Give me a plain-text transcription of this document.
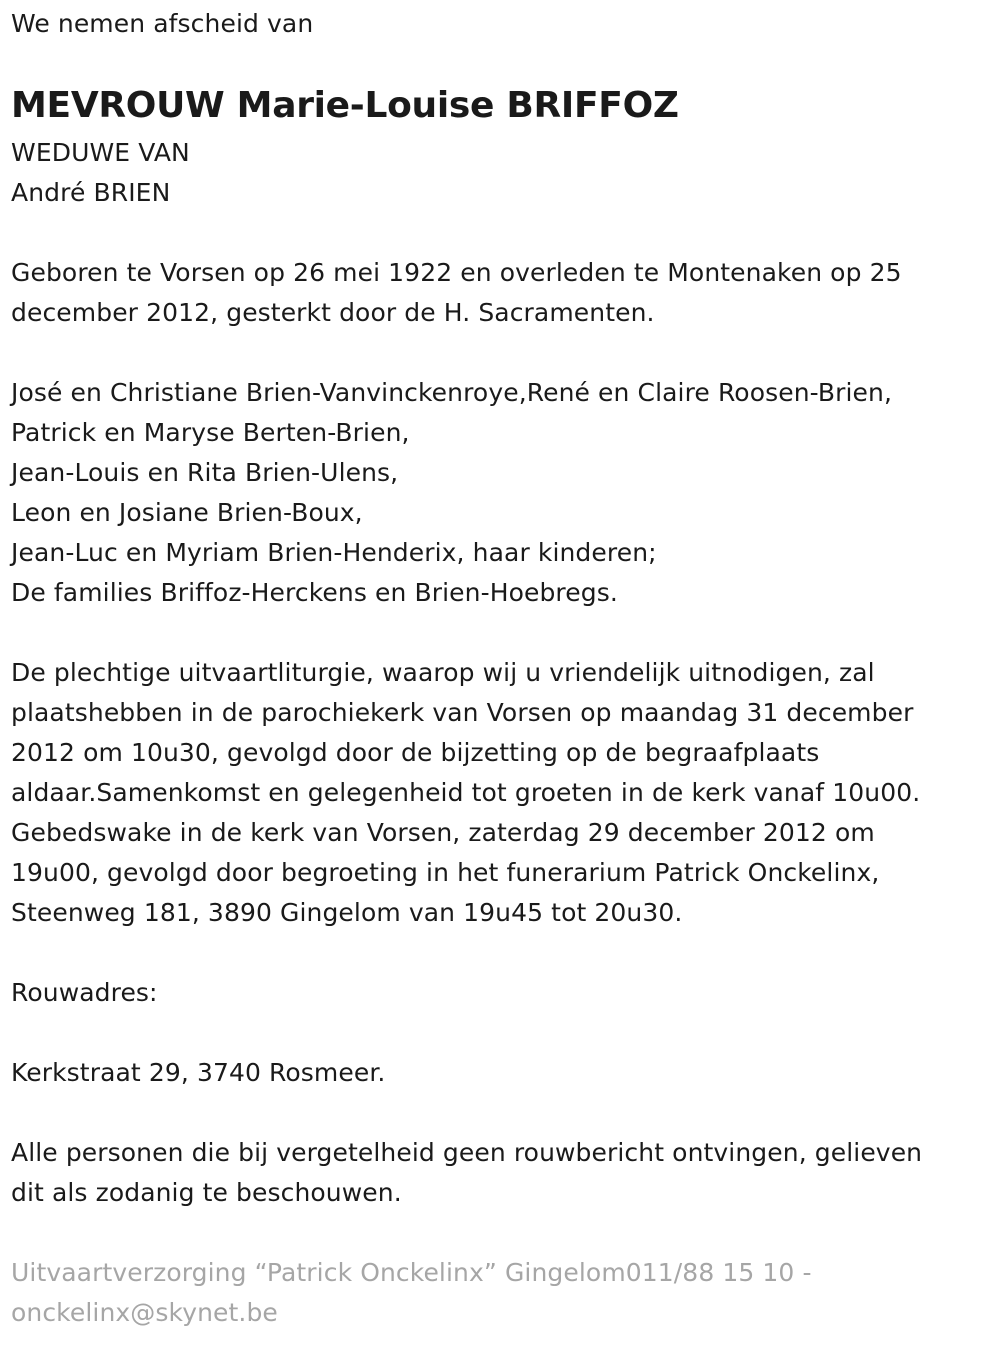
We nemen afscheid van
MEVROUW Marie-Louise BRIFFOZ
WEDUWE VAN
André BRIEN
Geboren te Vorsen op 26 mei 1922 en overleden te Montenaken op 25
december 2012, gesterkt door de H. Sacramenten.
José en Christiane Brien-Vanvinckenroye,René en Claire Roosen-Brien,
Patrick en Maryse Berten-Brien,
Jean-Louis en Rita Brien-Ulens,
Leon en Josiane Brien-Boux,
Jean-Luc en Myriam Brien-Henderix, haar kinderen;
De families Briffoz-Herckens en Brien-Hoebregs.
De plechtige uitvaartliturgie, waarop wij u vriendelijk uitnodigen, zal
plaatshebben in de parochiekerk van Vorsen op maandag 31 december
2012 om 10u30, gevolgd door de bijzetting op de begraafplaats
aldaar.Samenkomst en gelegenheid tot groeten in de kerk vanaf 10u00.
Gebedswake in de kerk van Vorsen, zaterdag 29 december 2012 om
19u00, gevolgd door begroeting in het funerarium Patrick Onckelinx,
Steenweg 181, 3890 Gingelom van 19u45 tot 20u30.
Rouwadres:
Kerkstraat 29, 3740 Rosmeer.
Alle personen die bij vergetelheid geen rouwbericht ontvingen, gelieven
dit als zodanig te beschouwen.
Uitvaartverzorging “Patrick Onckelinx” Gingelom011/88 15 10 -
onckelinx@skynet.be
